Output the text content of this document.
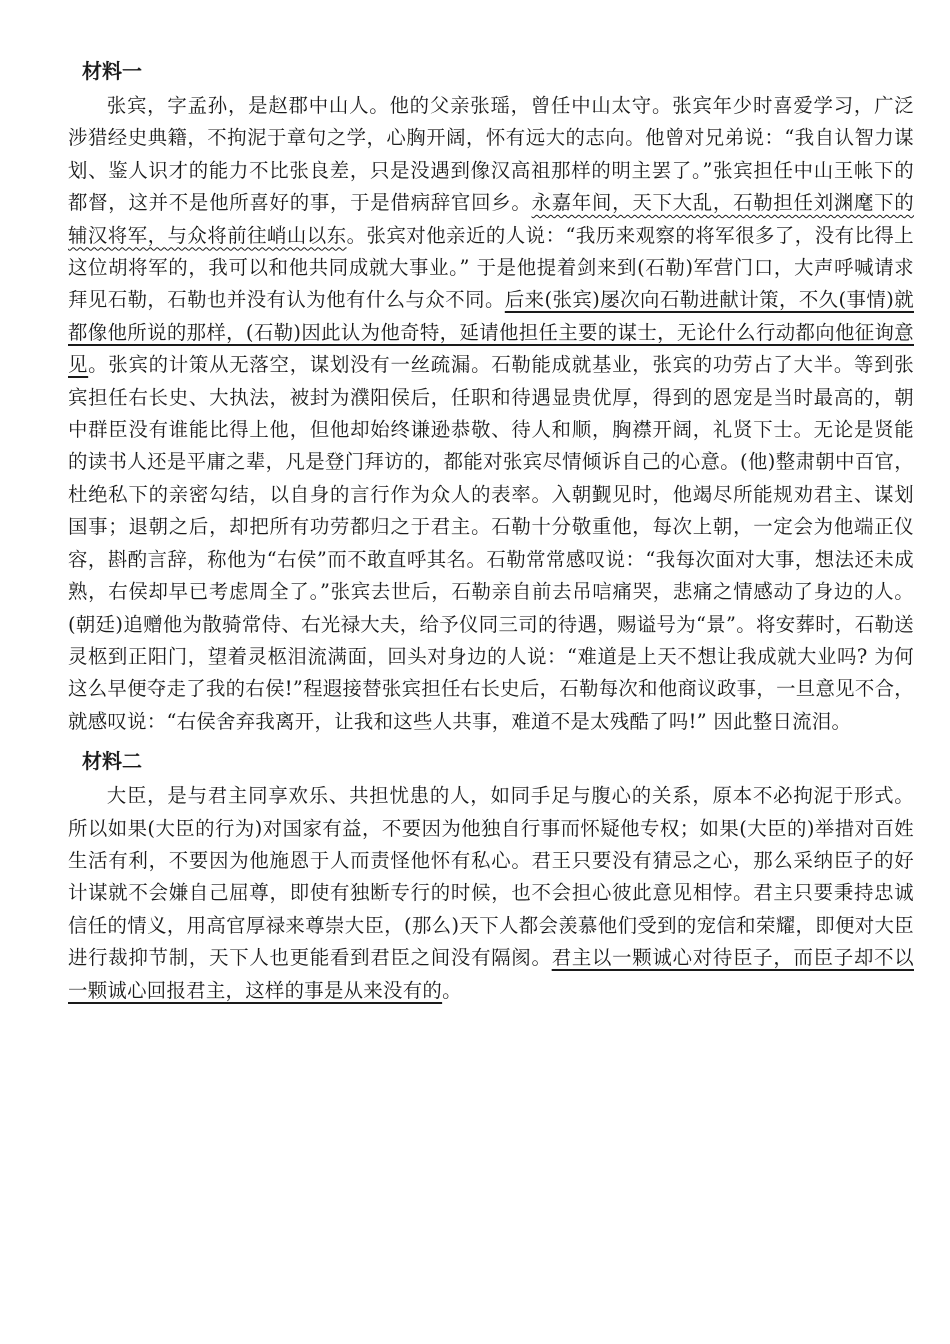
材料一

张宾，字孟孙，是赵郡中山人。他的父亲张瑶，曾任中山太守。张宾年少时喜爱学习，广泛涉猎经史典籍，不拘泥于章句之学，心胸开阔，怀有远大的志向。他曾对兄弟说：“我自认智力谋划、鉴人识才的能力不比张良差，只是没遇到像汉高祖那样的明主罢了。”张宾担任中山王帐下的都督，这并不是他所喜好的事，于是借病辞官回乡。永嘉年间，天下大乱，石勒担任刘渊麾下的辅汉将军，与众将前往峭山以东。张宾对他亲近的人说：“我历来观察的将军很多了，没有比得上这位胡将军的，我可以和他共同成就大事业。” 于是他提着剑来到(石勒)军营门口，大声呼喊请求拜见石勒，石勒也并没有认为他有什么与众不同。后来(张宾)屡次向石勒进献计策，不久(事情)就都像他所说的那样，(石勒)因此认为他奇特，延请他担任主要的谋士，无论什么行动都向他征询意见。张宾的计策从无落空，谋划没有一丝疏漏。石勒能成就基业，张宾的功劳占了大半。等到张宾担任右长史、大执法，被封为濮阳侯后，任职和待遇显贵优厚，得到的恩宠是当时最高的，朝中群臣没有谁能比得上他，但他却始终谦逊恭敬、待人和顺，胸襟开阔，礼贤下士。无论是贤能的读书人还是平庸之辈，凡是登门拜访的，都能对张宾尽情倾诉自己的心意。(他)整肃朝中百官，杜绝私下的亲密勾结，以自身的言行作为众人的表率。入朝觐见时，他竭尽所能规劝君主、谋划国事；退朝之后，却把所有功劳都归之于君主。石勒十分敬重他，每次上朝，一定会为他端正仪容，斟酌言辞，称他为“右侯”而不敢直呼其名。石勒常常感叹说：“我每次面对大事，想法还未成熟，右侯却早已考虑周全了。”张宾去世后，石勒亲自前去吊唁痛哭，悲痛之情感动了身边的人。(朝廷)追赠他为散骑常侍、右光禄大夫，给予仪同三司的待遇，赐谥号为“景”。将安葬时，石勒送灵柩到正阳门，望着灵柩泪流满面，回头对身边的人说：“难道是上天不想让我成就大业吗? 为何这么早便夺走了我的右侯!”程遐接替张宾担任右长史后，石勒每次和他商议政事，一旦意见不合，就感叹说：“右侯舍弃我离开，让我和这些人共事，难道不是太残酷了吗!” 因此整日流泪。

材料二

大臣，是与君主同享欢乐、共担忧患的人，如同手足与腹心的关系，原本不必拘泥于形式。所以如果(大臣的行为)对国家有益，不要因为他独自行事而怀疑他专权；如果(大臣的)举措对百姓生活有利，不要因为他施恩于人而责怪他怀有私心。君王只要没有猜忌之心，那么采纳臣子的好计谋就不会嫌自己屈尊，即使有独断专行的时候，也不会担心彼此意见相悖。君主只要秉持忠诚信任的情义，用高官厚禄来尊崇大臣，(那么)天下人都会羡慕他们受到的宠信和荣耀，即便对大臣进行裁抑节制，天下人也更能看到君臣之间没有隔阂。君主以一颗诚心对待臣子，而臣子却不以一颗诚心回报君主，这样的事是从来没有的。
